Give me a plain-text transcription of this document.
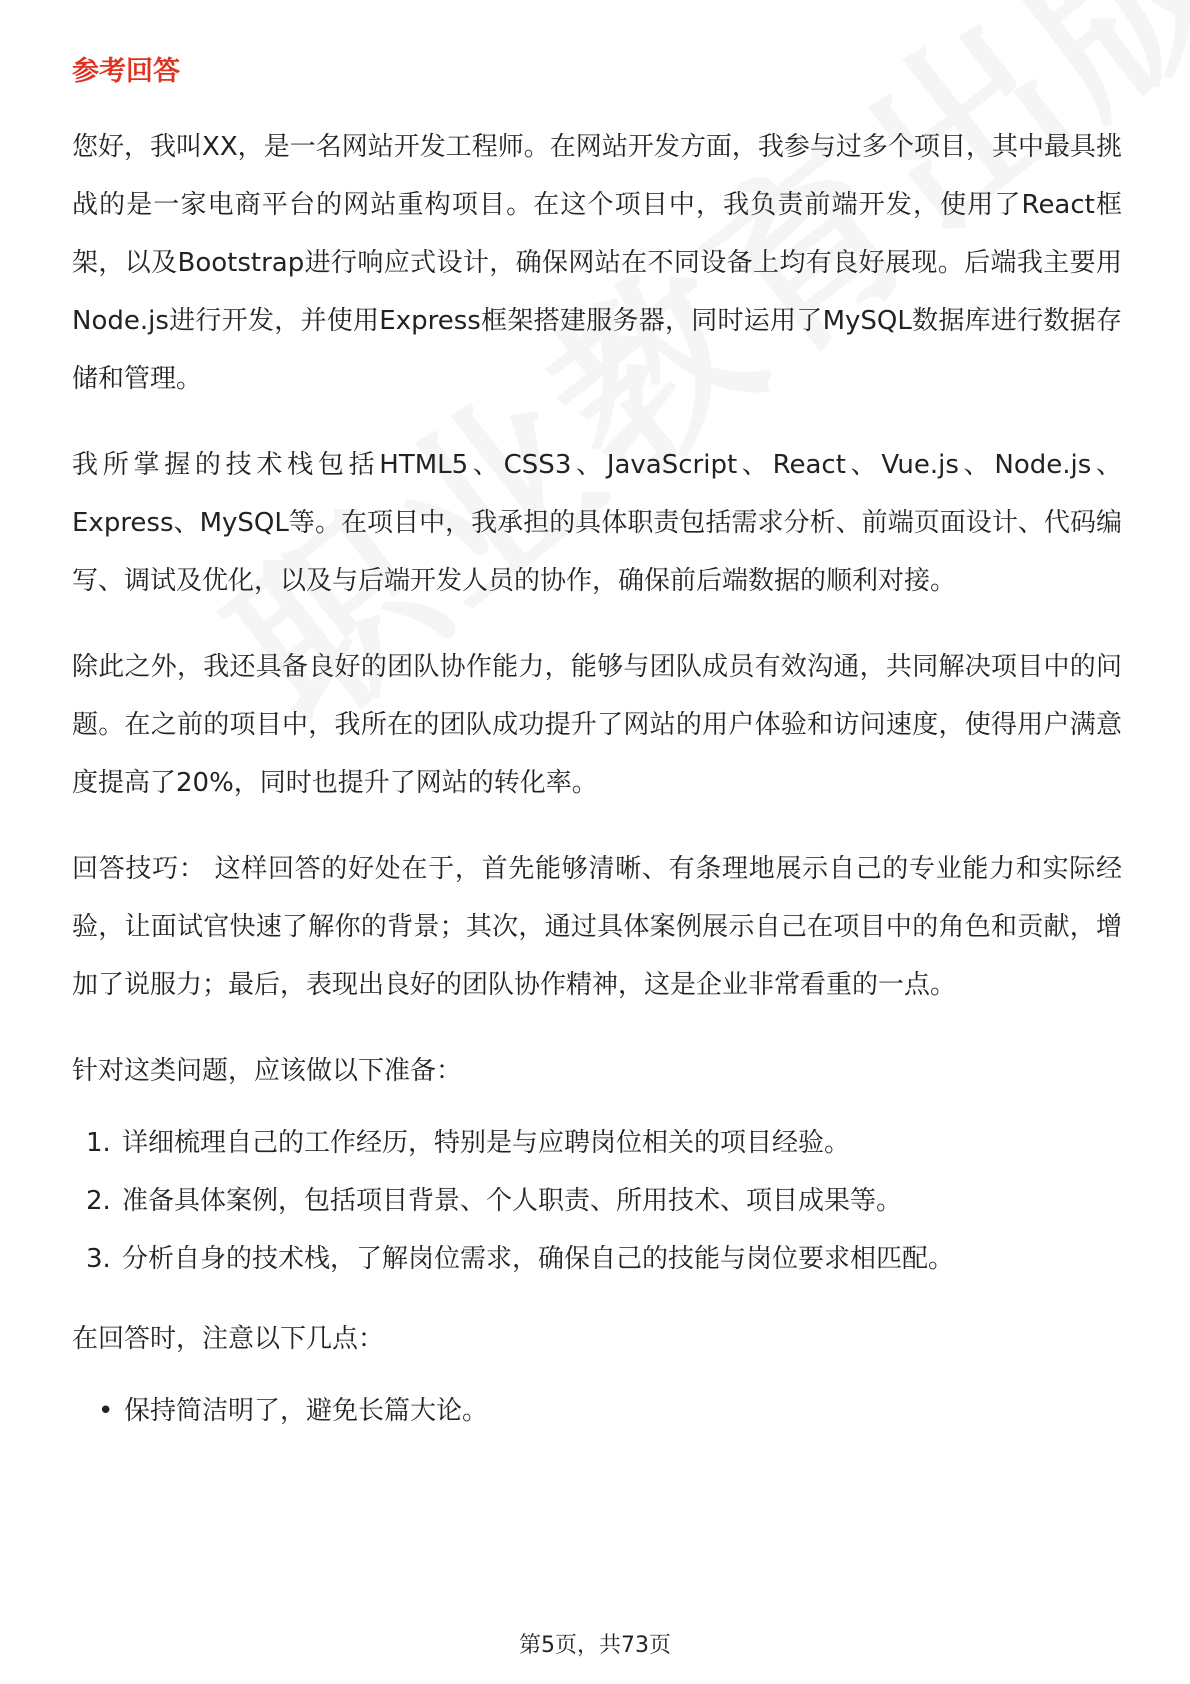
参考回答

您好，我叫XX，是一名网站开发工程师。在网站开发方面，我参与过多个项目，其中最具挑战的是一家电商平台的网站重构项目。在这个项目中，我负责前端开发，使用了React框架，以及Bootstrap进行响应式设计，确保网站在不同设备上均有良好展现。后端我主要用Node.js进行开发，并使用Express框架搭建服务器，同时运用了MySQL数据库进行数据存储和管理。

我所掌握的技术栈包括HTML5、CSS3、JavaScript、React、Vue.js、Node.js、Express、MySQL等。在项目中，我承担的具体职责包括需求分析、前端页面设计、代码编写、调试及优化，以及与后端开发人员的协作，确保前后端数据的顺利对接。

除此之外，我还具备良好的团队协作能力，能够与团队成员有效沟通，共同解决项目中的问题。在之前的项目中，我所在的团队成功提升了网站的用户体验和访问速度，使得用户满意度提高了20%，同时也提升了网站的转化率。

回答技巧： 这样回答的好处在于，首先能够清晰、有条理地展示自己的专业能力和实际经验，让面试官快速了解你的背景；其次，通过具体案例展示自己在项目中的角色和贡献，增加了说服力；最后，表现出良好的团队协作精神，这是企业非常看重的一点。

针对这类问题，应该做以下准备：

1. 详细梳理自己的工作经历，特别是与应聘岗位相关的项目经验。
2. 准备具体案例，包括项目背景、个人职责、所用技术、项目成果等。
3. 分析自身的技术栈，了解岗位需求，确保自己的技能与岗位要求相匹配。

在回答时，注意以下几点：

• 保持简洁明了，避免长篇大论。
第5页，共73页
